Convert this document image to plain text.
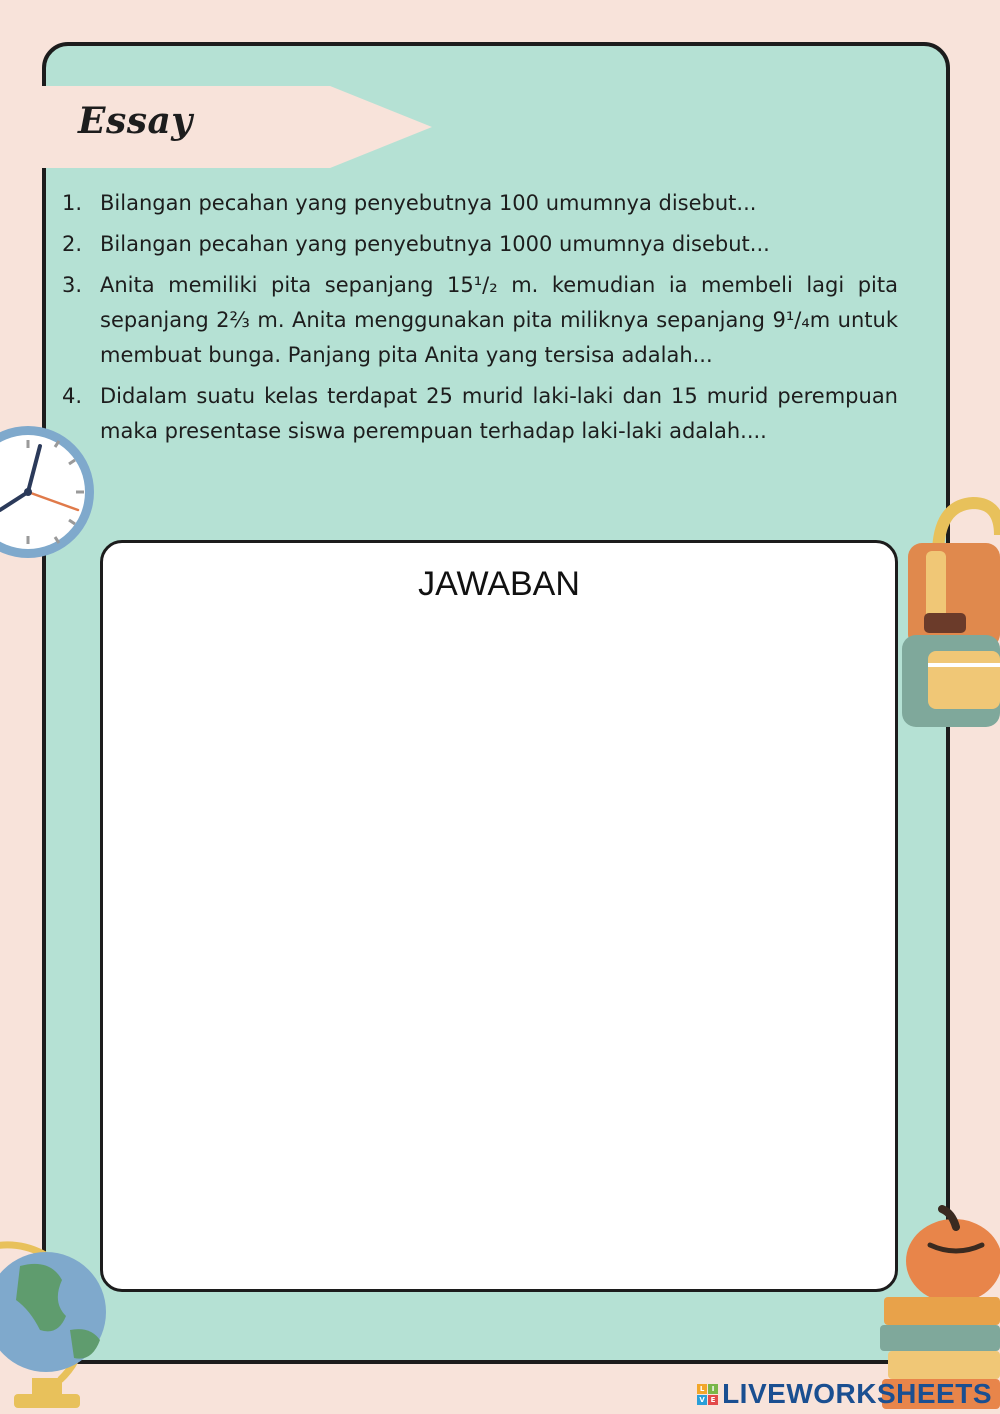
Essay
1. Bilangan pecahan yang penyebutnya 100 umumnya disebut...
2. Bilangan pecahan yang penyebutnya 1000 umumnya disebut...
3. Anita memiliki pita sepanjang 15¹/₂ m. kemudian ia membeli lagi pita sepanjang 2⅔ m. Anita menggunakan pita miliknya sepanjang 9¹/₄m untuk membuat bunga. Panjang pita Anita yang tersisa adalah...
4. Didalam suatu kelas terdapat 25 murid laki-laki dan 15 murid perempuan maka presentase siswa perempuan terhadap laki-laki adalah....
JAWABAN
L	I
V E LIVEWORKSHEETS
